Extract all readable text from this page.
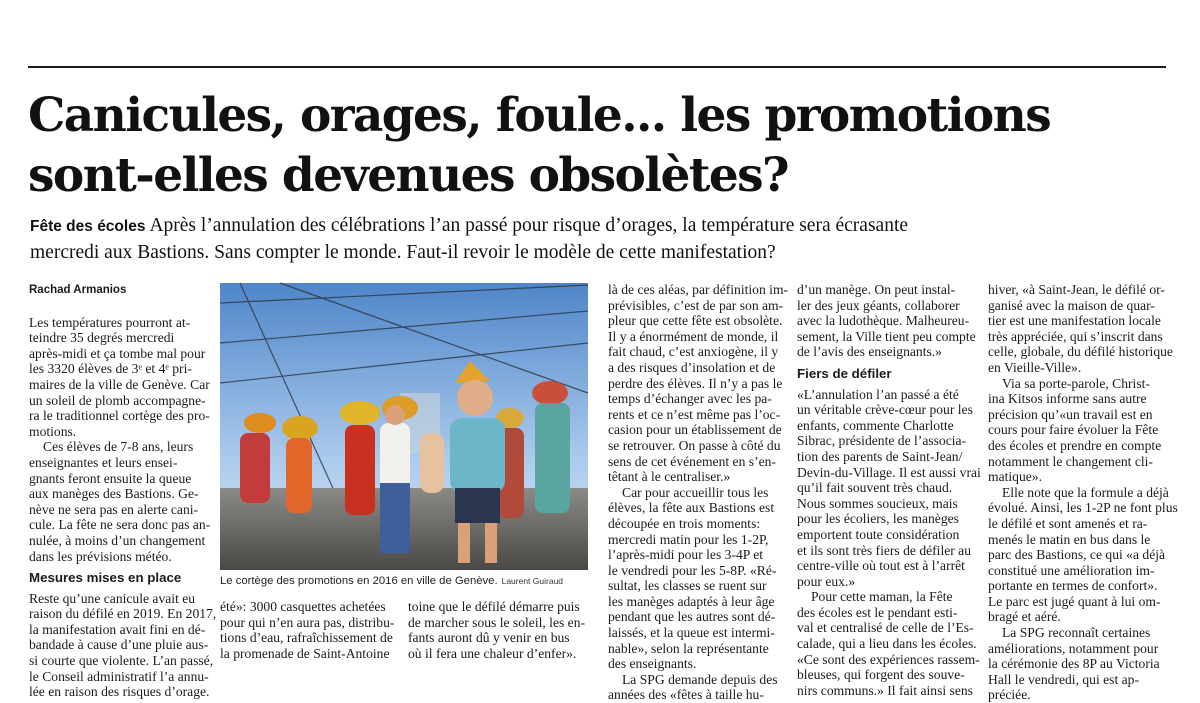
Canicules, orages, foule... les promotions
sont-elles devenues obsolètes?

Fête des écoles Après l’annulation des célébrations l’an passé pour risque d’orages, la température sera écrasante
mercredi aux Bastions. Sans compter le monde. Faut-il revoir le modèle de cette manifestation?

Rachad Armanios
Les températures pourront at-
teindre 35 degrés mercredi
après-midi et ça tombe mal pour
les 3320 élèves de 3ᵉ et 4ᵉ pri-
maires de la ville de Genève. Car
un soleil de plomb accompagne-
ra le traditionnel cortège des pro-
motions.
Ces élèves de 7-8 ans, leurs
enseignantes et leurs ensei-
gnants feront ensuite la queue
aux manèges des Bastions. Ge-
nève ne sera pas en alerte cani-
cule. La fête ne sera donc pas an-
nulée, à moins d’un changement
dans les prévisions météo.
Mesures mises en place
Reste qu’une canicule avait eu
raison du défilé en 2019. En 2017,
la manifestation avait fini en dé-
bandade à cause d’une pluie aus-
si courte que violente. L’an passé,
le Conseil administratif l’a annu-
lée en raison des risques d’orage.
Le cortège des promotions en 2016 en ville de Genève. Laurent Guiraud
été»: 3000 casquettes achetées
pour qui n’en aura pas, distribu-
tions d’eau, rafraîchissement de
la promenade de Saint-Antoine
toine que le défilé démarre puis
de marcher sous le soleil, les en-
fants auront dû y venir en bus
où il fera une chaleur d’enfer».
là de ces aléas, par définition im-
prévisibles, c’est de par son am-
pleur que cette fête est obsolète.
Il y a énormément de monde, il
fait chaud, c’est anxiogène, il y
a des risques d’insolation et de
perdre des élèves. Il n’y a pas le
temps d’échanger avec les pa-
rents et ce n’est même pas l’oc-
casion pour un établissement de
se retrouver. On passe à côté du
sens de cet événement en s’en-
têtant à le centraliser.»
Car pour accueillir tous les
élèves, la fête aux Bastions est
découpée en trois moments:
mercredi matin pour les 1-2P,
l’après-midi pour les 3-4P et
le vendredi pour les 5-8P. «Ré-
sultat, les classes se ruent sur
les manèges adaptés à leur âge
pendant que les autres sont dé-
laissés, et la queue est intermi-
nable», selon la représentante
des enseignants.
La SPG demande depuis des
années des «fêtes à taille hu-
d’un manège. On peut instal-
ler des jeux géants, collaborer
avec la ludothèque. Malheureu-
sement, la Ville tient peu compte
de l’avis des enseignants.»
Fiers de défiler
«L’annulation l’an passé a été
un véritable crève-cœur pour les
enfants, commente Charlotte
Sibrac, présidente de l’associa-
tion des parents de Saint-Jean/
Devin-du-Village. Il est aussi vrai
qu’il fait souvent très chaud.
Nous sommes soucieux, mais
pour les écoliers, les manèges
emportent toute considération
et ils sont très fiers de défiler au
centre-ville où tout est à l’arrêt
pour eux.»
Pour cette maman, la Fête
des écoles est le pendant esti-
val et centralisé de celle de l’Es-
calade, qui a lieu dans les écoles.
«Ce sont des expériences rassem-
bleuses, qui forgent des souve-
nirs communs.» Il fait ainsi sens
hiver, «à Saint-Jean, le défilé or-
ganisé avec la maison de quar-
tier est une manifestation locale
très appréciée, qui s’inscrit dans
celle, globale, du défilé historique
en Vieille-Ville».
Via sa porte-parole, Christ-
ina Kitsos informe sans autre
précision qu’«un travail est en
cours pour faire évoluer la Fête
des écoles et prendre en compte
notamment le changement cli-
matique».
Elle note que la formule a déjà
évolué. Ainsi, les 1-2P ne font plus
le défilé et sont amenés et ra-
menés le matin en bus dans le
parc des Bastions, ce qui «a déjà
constitué une amélioration im-
portante en termes de confort».
Le parc est jugé quant à lui om-
bragé et aéré.
La SPG reconnaît certaines
améliorations, notamment pour
la cérémonie des 8P au Victoria
Hall le vendredi, qui est ap-
préciée.
